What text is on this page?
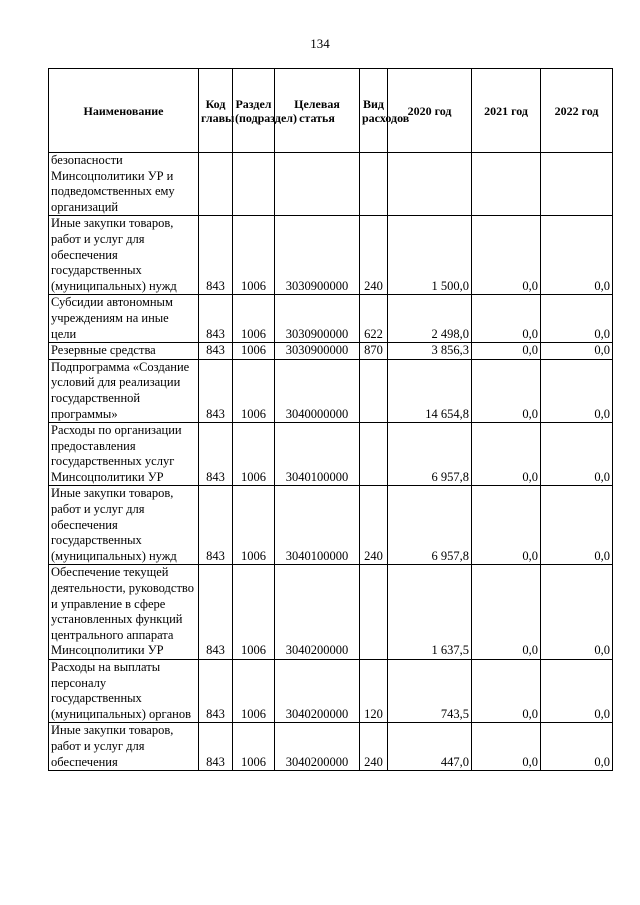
134
Наименование	Код главы	Раздел (подраздел)	Целевая статья	Вид расходов	2020 год	2021 год	2022 год
безопасности Минсоцполитики УР и подведомственных ему организаций							
Иные закупки товаров, работ и услуг для обеспечения государственных (муниципальных) нужд	843	1006	3030900000	240	1 500,0	0,0	0,0
Субсидии автономным учреждениям на иные цели	843	1006	3030900000	622	2 498,0	0,0	0,0
Резервные средства	843	1006	3030900000	870	3 856,3	0,0	0,0
Подпрограмма «Создание условий для реализации государственной программы»	843	1006	3040000000		14 654,8	0,0	0,0
Расходы по организации предоставления государственных услуг Минсоцполитики УР	843	1006	3040100000		6 957,8	0,0	0,0
Иные закупки товаров, работ и услуг для обеспечения государственных (муниципальных) нужд	843	1006	3040100000	240	6 957,8	0,0	0,0
Обеспечение текущей деятельности, руководство и управление в сфере установленных функций центрального аппарата Минсоцполитики УР	843	1006	3040200000		1 637,5	0,0	0,0
Расходы на выплаты персоналу государственных (муниципальных) органов	843	1006	3040200000	120	743,5	0,0	0,0
Иные закупки товаров, работ и услуг для обеспечения	843	1006	3040200000	240	447,0	0,0	0,0
